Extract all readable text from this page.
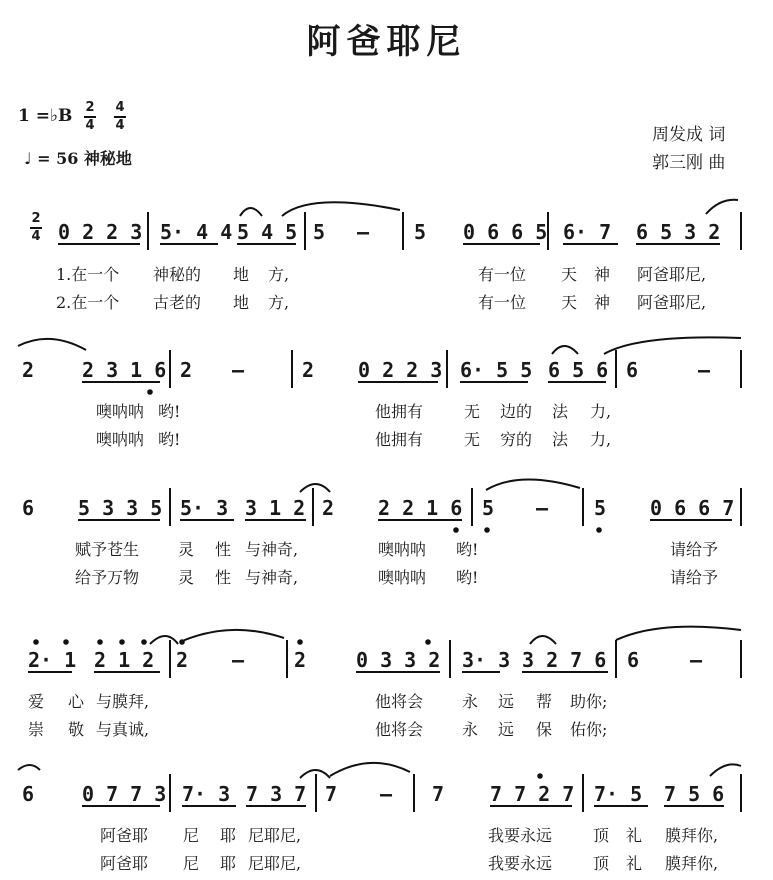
阿爸耶尼
1 =♭B 2
4
4
4
♩ = 56 神秘地
周发成 词
郭三刚 曲
2
4 0 2 2 3 5· 4 4 5 4 5 5 – 5 0 6 6 5 6· 7 6 5 3 2
1.在一个 神秘的 地 方,	有一位 天 神 阿爸耶尼,
2.在一个 古老的 地 方,	有一位 天 神 阿爸耶尼,
2 2 3 1 6 2 –	2 0 2 2 3 6· 5 5 6 5 6 6	–
噢呐呐 哟!	他拥有	无 边的 法 力,
噢呐呐 哟!	他拥有	无 穷的 法 力,
6 5 3 3 5 5· 3 3 1 2 2 2 2 1 6 5 – 5 0 6 6 7
赋予苍生 灵 性 与神奇,	噢呐呐 哟!	请给予
给予万物 灵 性 与神奇,	噢呐呐 哟!	请给予
2· 1 2 1 2 2 – 2 0 3 3 2 3· 3 3 2 7 6 6	–
爱 心 与膜拜,	他将会 永 远 帮 助你;
崇 敬 与真诚,	他将会 永 远 保 佑你;
6 0 7 7 3 7· 3 7 3 7 7 – 7 7 7 2 7 7· 5 7 5 6
阿爸耶 尼 耶 尼耶尼,	我要永远	顶 礼 膜拜你,
阿爸耶 尼 耶 尼耶尼,	我要永远	顶 礼 膜拜你,
